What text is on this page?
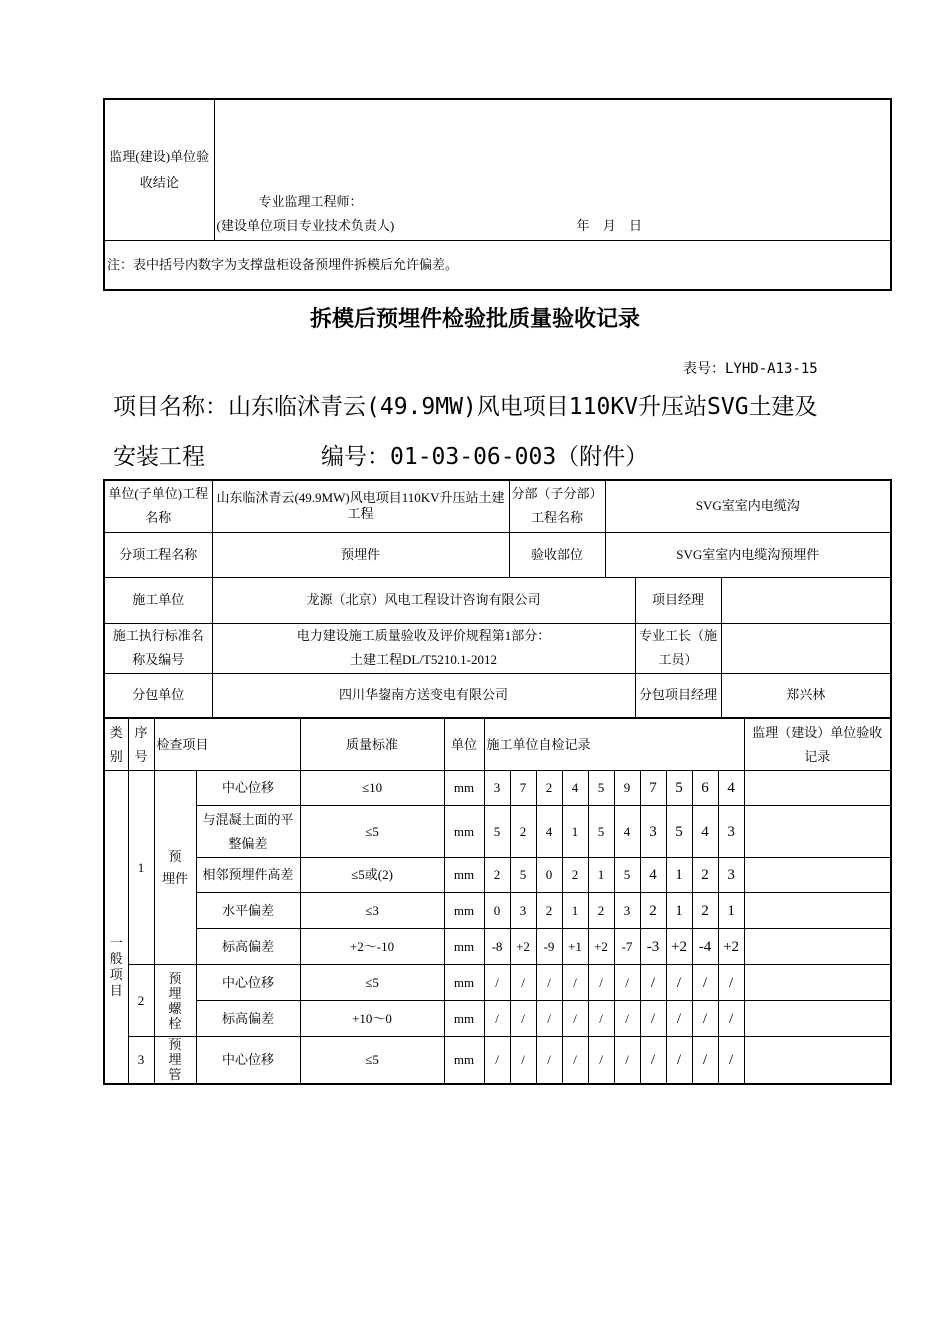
监理(建设)单位验收结论

专业监理工程师：
(建设单位项目专业技术负责人)	年 月 日

注：表中括号内数字为支撑盘柜设备预埋件拆模后允许偏差。
拆模后预埋件检验批质量验收记录
表号：LYHD-A13-15
项目名称：山东临沭青云(49.9MW)风电项目110KV升压站SVG土建及
安装工程	编号：01-03-06-003（附件）
单位(子单位)工程名称	山东临沭青云(49.9MW)风电项目110KV升压站土建工程	分部（子分部）工程名称	SVG室室内电缆沟		
分项工程名称	预埋件	验收部位	SVG室室内电缆沟预埋件		
施工单位	龙源（北京）风电工程设计咨询有限公司			项目经理	
施工执行标准名称及编号	电力建设施工质量验收及评价规程第1部分：
土建工程DL/T5210.1-2012			专业工长（施工员）	
分包单位	四川华鋆南方送变电有限公司			分包项目经理	郑兴林
类别	序号	检查项目		质量标准	单位	施工单位自检记录										监理（建设）单位验收记录
一般项目	1	预 埋件	中心位移	≤10	mm	3	7	2	4	5	9	7	5	6	4	
			与混凝土面的平整偏差	≤5	mm	5	2	4	1	5	4	3	5	4	3	
			相邻预埋件高差	≤5或(2)	mm	2	5	0	2	1	5	4	1	2	3	
			水平偏差	≤3	mm	0	3	2	1	2	3	2	1	2	1	
			标高偏差	+2～-10	mm	-8	+2	-9	+1	+2	-7	-3	+2	-4	+2	
	2	预埋螺栓	中心位移	≤5	mm	/	/	/	/	/	/	/	/	/	/	
			标高偏差	+10～0	mm	/	/	/	/	/	/	/	/	/	/	
	3	预埋管	中心位移	≤5	mm	/	/	/	/	/	/	/	/	/	/	
